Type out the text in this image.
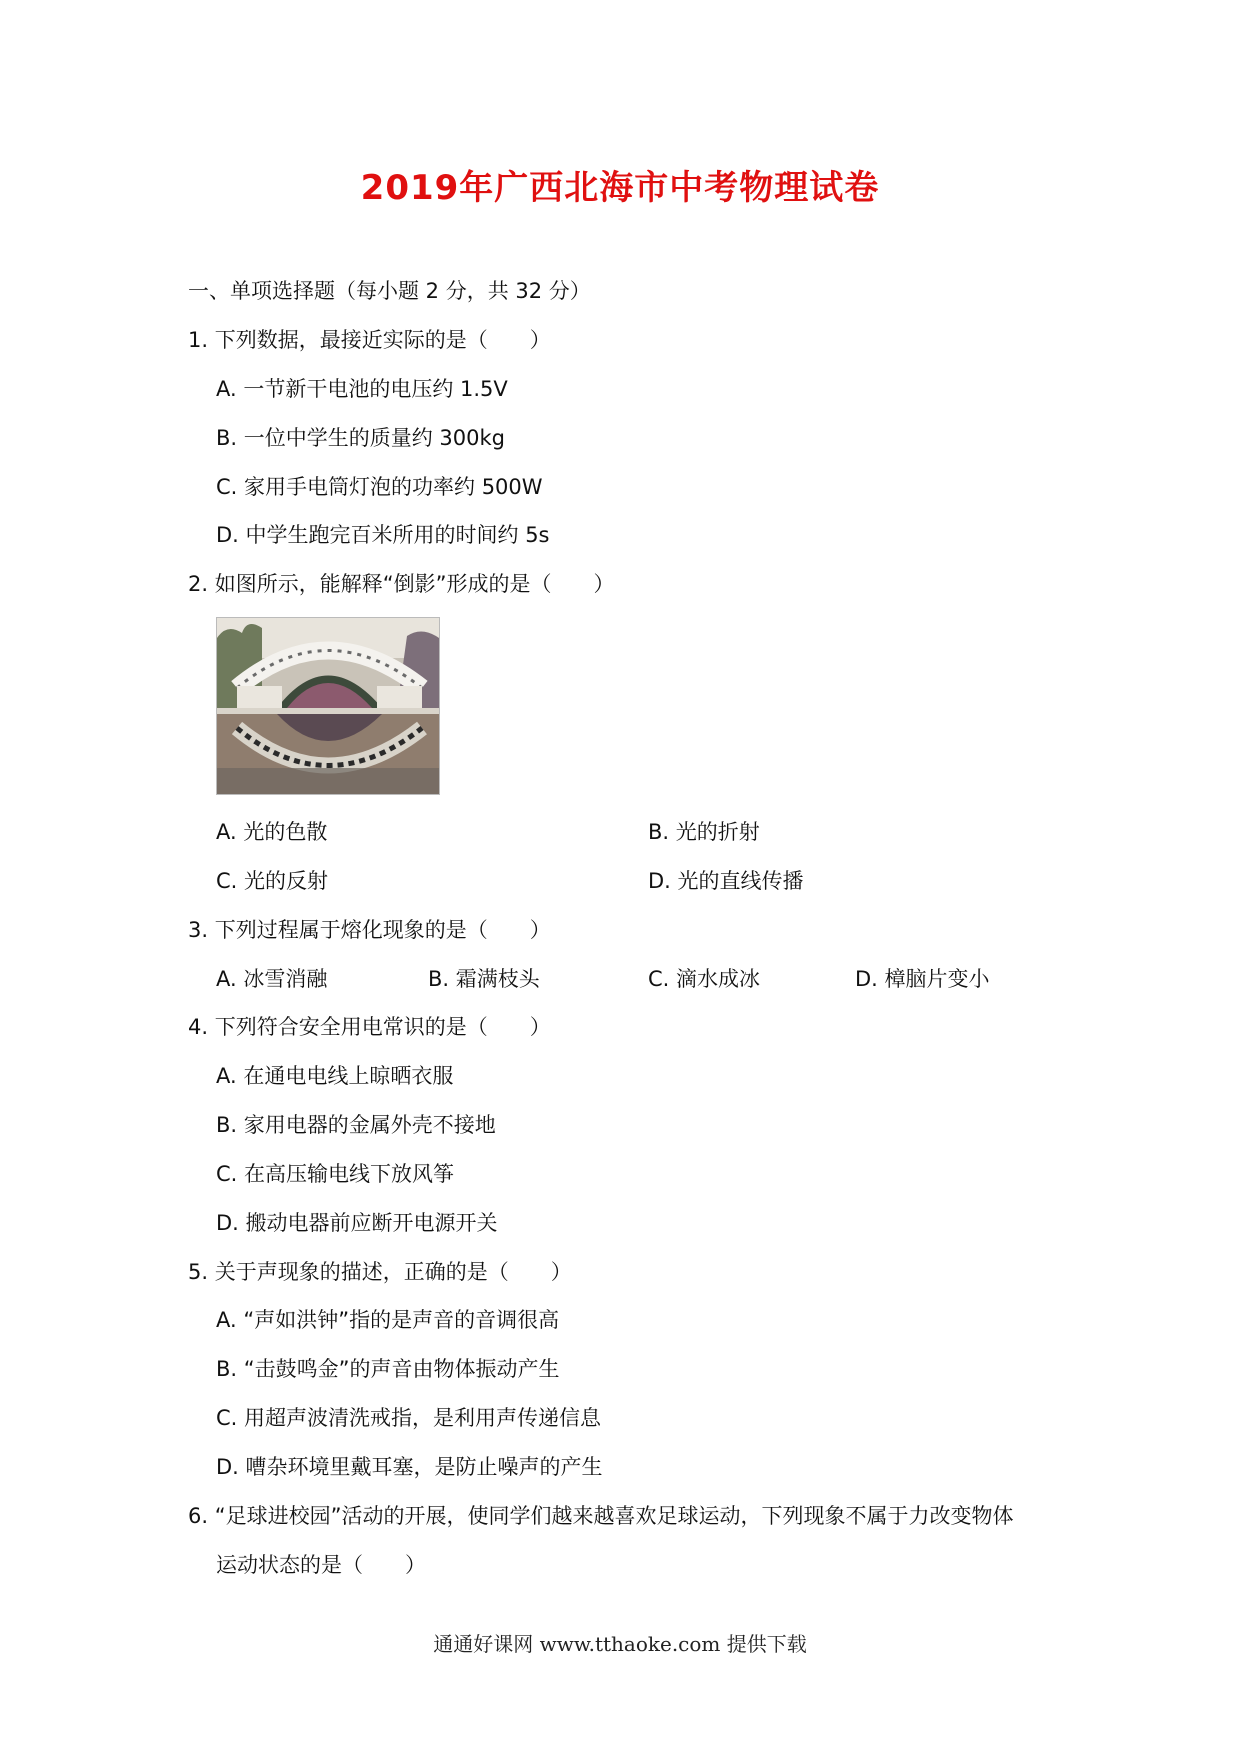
2019年广西北海市中考物理试卷
一、单项选择题（每小题 2 分，共 32 分）
1. 下列数据，最接近实际的是（　　）
A. 一节新干电池的电压约 1.5V
B. 一位中学生的质量约 300kg
C. 家用手电筒灯泡的功率约 500W
D. 中学生跑完百米所用的时间约 5s
2. 如图所示，能解释“倒影”形成的是（　　）
A. 光的色散	B. 光的折射
C. 光的反射	D. 光的直线传播
3. 下列过程属于熔化现象的是（　　）
A. 冰雪消融	B. 霜满枝头	C. 滴水成冰	D. 樟脑片变小
4. 下列符合安全用电常识的是（　　）
A. 在通电电线上晾晒衣服
B. 家用电器的金属外壳不接地
C. 在高压输电线下放风筝
D. 搬动电器前应断开电源开关
5. 关于声现象的描述，正确的是（　　）
A. “声如洪钟”指的是声音的音调很高
B. “击鼓鸣金”的声音由物体振动产生
C. 用超声波清洗戒指，是利用声传递信息
D. 嘈杂环境里戴耳塞，是防止噪声的产生
6. “足球进校园”活动的开展，使同学们越来越喜欢足球运动，下列现象不属于力改变物体
运动状态的是（　　）
通通好课网 www.tthaoke.com 提供下载
